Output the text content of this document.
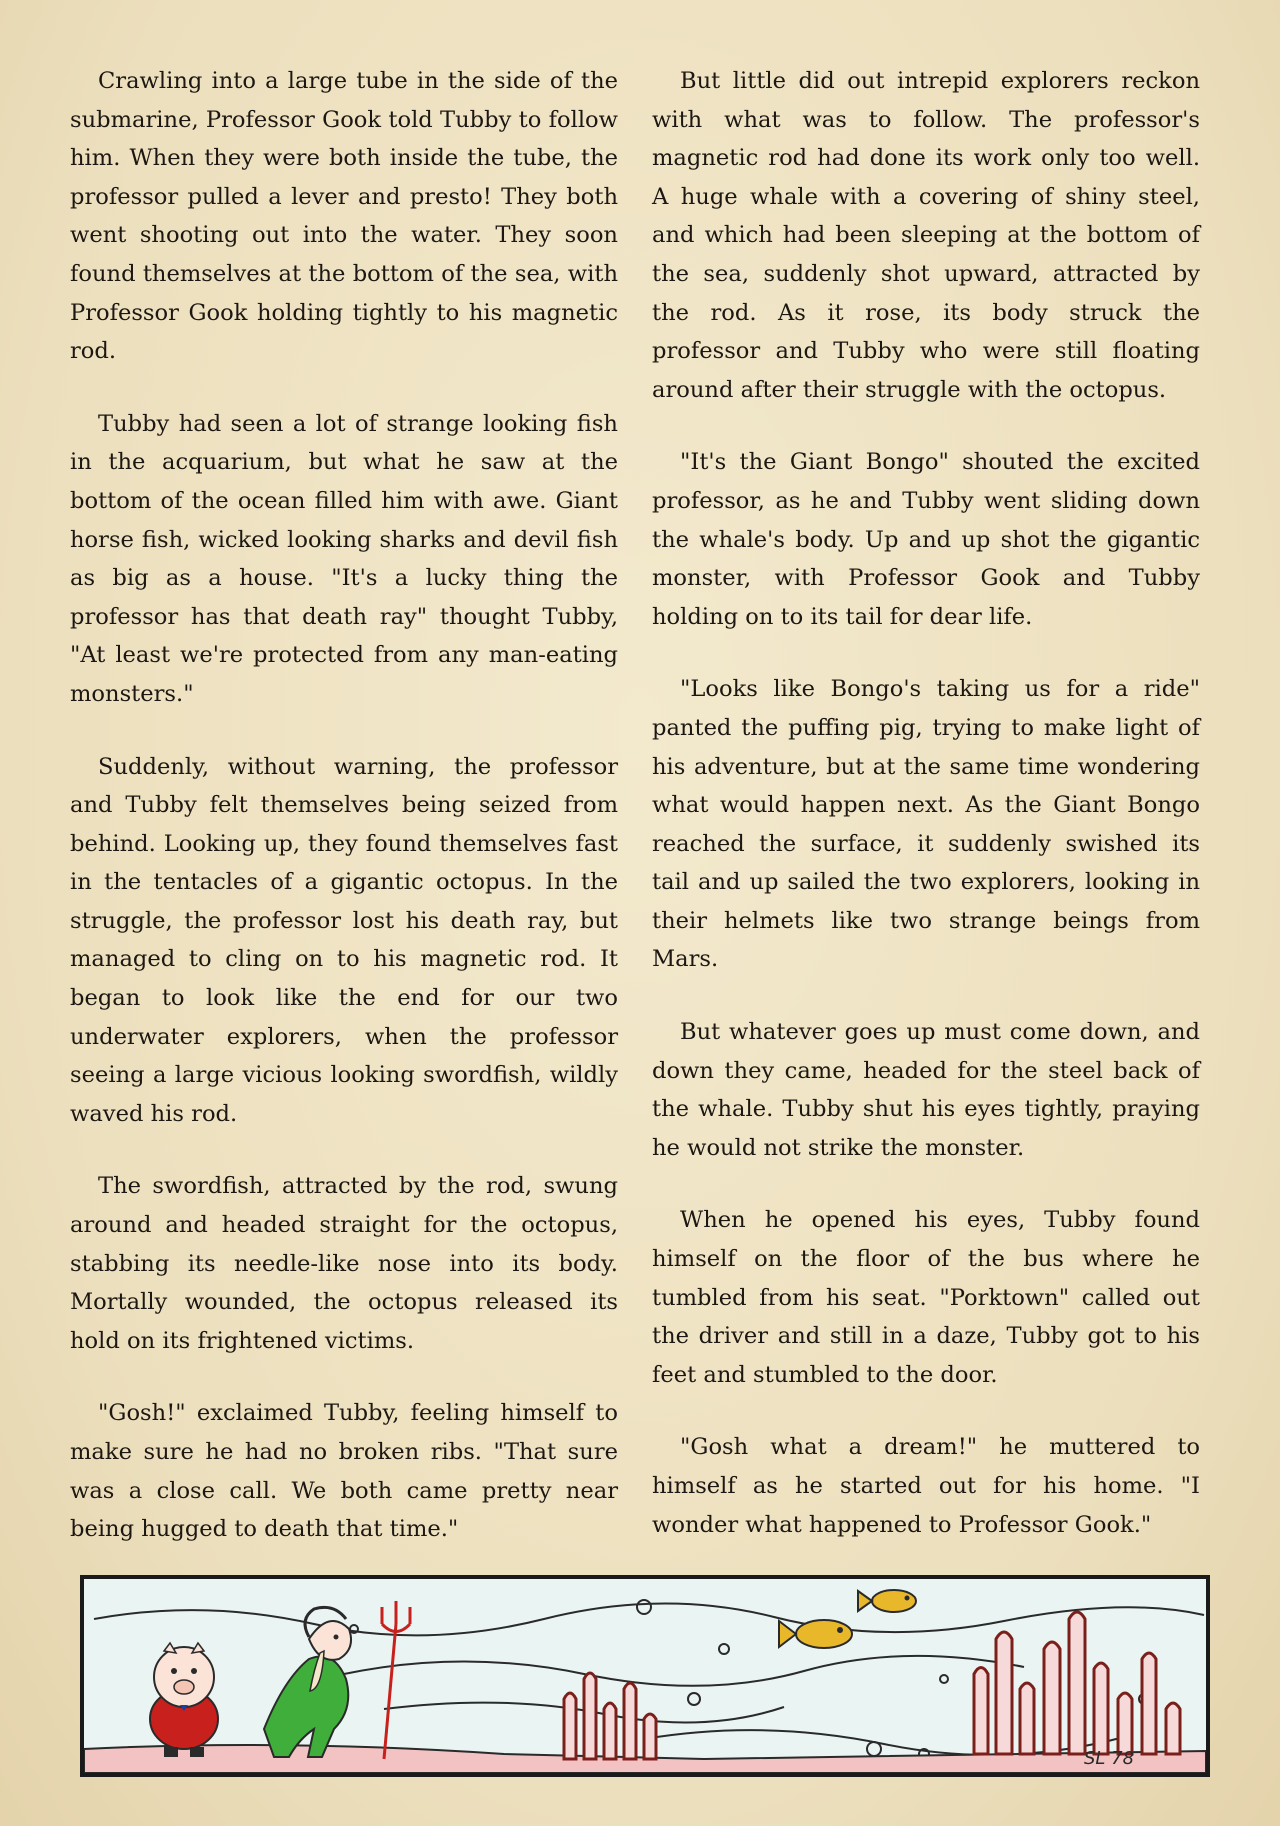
Crawling into a large tube in the side of the submarine, Professor Gook told Tubby to follow him. When they were both inside the tube, the professor pulled a lever and presto! They both went shooting out into the water. They soon found themselves at the bottom of the sea, with Professor Gook holding tightly to his magnetic rod.

Tubby had seen a lot of strange looking fish in the acquarium, but what he saw at the bottom of the ocean filled him with awe. Giant horse fish, wicked looking sharks and devil fish as big as a house. "It's a lucky thing the professor has that death ray" thought Tubby, "At least we're protected from any man-eating monsters."

Suddenly, without warning, the professor and Tubby felt themselves being seized from behind. Looking up, they found themselves fast in the tentacles of a gigantic octopus. In the struggle, the professor lost his death ray, but managed to cling on to his magnetic rod. It began to look like the end for our two underwater explorers, when the professor seeing a large vicious looking swordfish, wildly waved his rod.

The swordfish, attracted by the rod, swung around and headed straight for the octopus, stabbing its needle-like nose into its body. Mortally wounded, the octopus released its hold on its frightened victims.

"Gosh!" exclaimed Tubby, feeling himself to make sure he had no broken ribs. "That sure was a close call. We both came pretty near being hugged to death that time."

But little did out intrepid explorers reckon with what was to follow. The professor's magnetic rod had done its work only too well. A huge whale with a covering of shiny steel, and which had been sleeping at the bottom of the sea, suddenly shot upward, attracted by the rod. As it rose, its body struck the professor and Tubby who were still floating around after their struggle with the octopus.

"It's the Giant Bongo" shouted the excited professor, as he and Tubby went sliding down the whale's body. Up and up shot the gigantic monster, with Professor Gook and Tubby holding on to its tail for dear life.

"Looks like Bongo's taking us for a ride" panted the puffing pig, trying to make light of his adventure, but at the same time wondering what would happen next. As the Giant Bongo reached the surface, it suddenly swished its tail and up sailed the two explorers, looking in their helmets like two strange beings from Mars.

But whatever goes up must come down, and down they came, headed for the steel back of the whale. Tubby shut his eyes tightly, praying he would not strike the monster.

When he opened his eyes, Tubby found himself on the floor of the bus where he tumbled from his seat. "Porktown" called out the driver and still in a daze, Tubby got to his feet and stumbled to the door.

"Gosh what a dream!" he muttered to himself as he started out for his home. "I wonder what happened to Professor Gook."

SL 78
